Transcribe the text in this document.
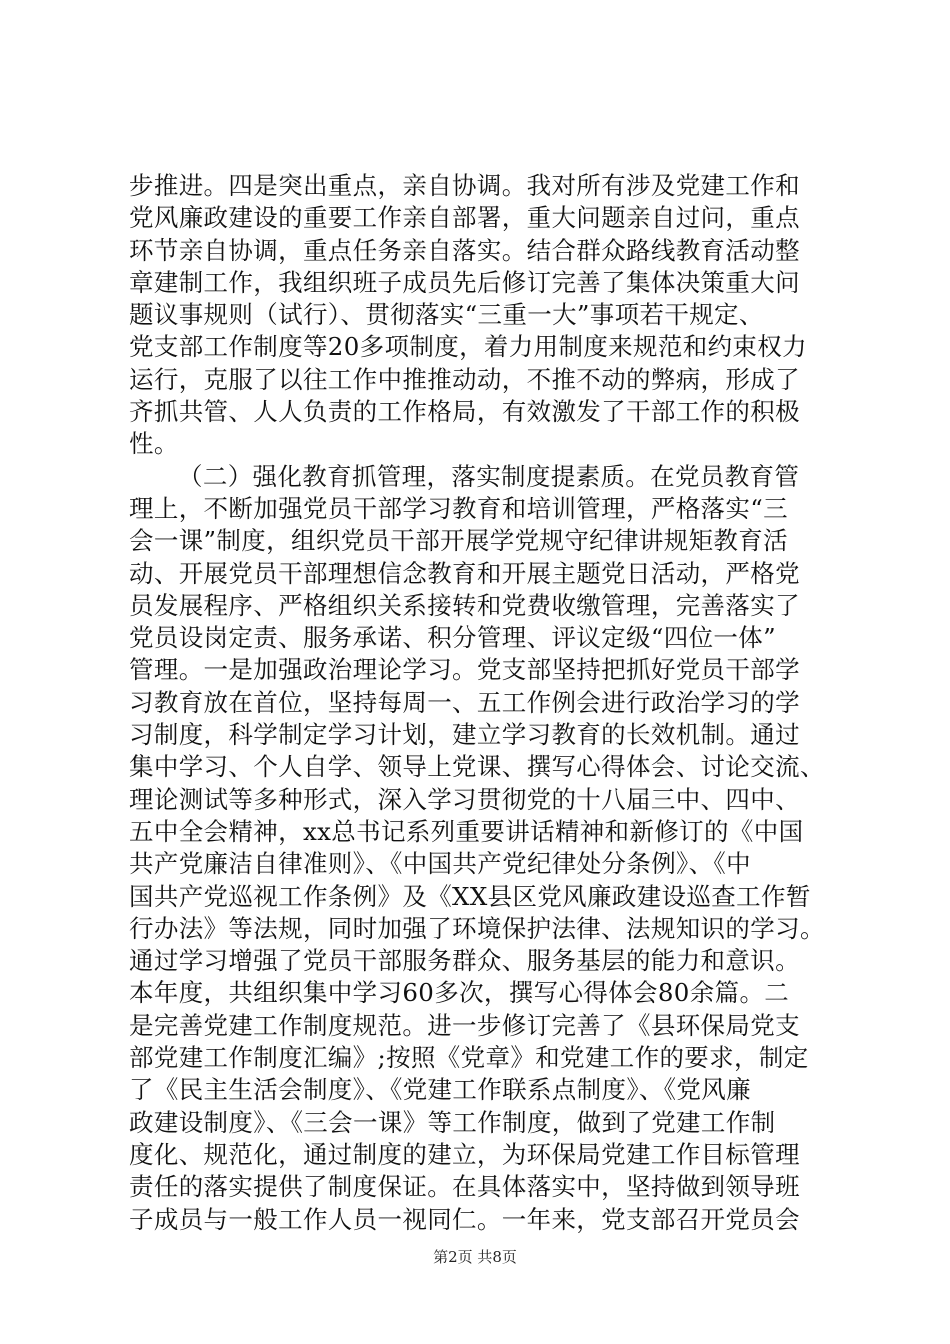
步推进。四是突出重点，亲自协调。我对所有涉及党建工作和
党风廉政建设的重要工作亲自部署，重大问题亲自过问，重点
环节亲自协调，重点任务亲自落实。结合群众路线教育活动整
章建制工作，我组织班子成员先后修订完善了集体决策重大问
题议事规则（试行）、贯彻落实“三重一大”事项若干规定、
党支部工作制度等20多项制度，着力用制度来规范和约束权力
运行，克服了以往工作中推推动动，不推不动的弊病，形成了
齐抓共管、人人负责的工作格局，有效激发了干部工作的积极
性。
（二）强化教育抓管理，落实制度提素质。在党员教育管
理上，不断加强党员干部学习教育和培训管理，严格落实“三
会一课”制度，组织党员干部开展学党规守纪律讲规矩教育活
动、开展党员干部理想信念教育和开展主题党日活动，严格党
员发展程序、严格组织关系接转和党费收缴管理，完善落实了
党员设岗定责、服务承诺、积分管理、评议定级“四位一体”
管理。一是加强政治理论学习。党支部坚持把抓好党员干部学
习教育放在首位，坚持每周一、五工作例会进行政治学习的学
习制度，科学制定学习计划，建立学习教育的长效机制。通过
集中学习、个人自学、领导上党课、撰写心得体会、讨论交流、
理论测试等多种形式，深入学习贯彻党的十八届三中、四中、
五中全会精神，xx总书记系列重要讲话精神和新修订的《中国
共产党廉洁自律准则》、《中国共产党纪律处分条例》、《中
国共产党巡视工作条例》及《XX县区党风廉政建设巡查工作暂
行办法》等法规，同时加强了环境保护法律、法规知识的学习。
通过学习增强了党员干部服务群众、服务基层的能力和意识。
本年度，共组织集中学习60多次，撰写心得体会80余篇。二
是完善党建工作制度规范。进一步修订完善了《县环保局党支
部党建工作制度汇编》;按照《党章》和党建工作的要求，制定
了《民主生活会制度》、《党建工作联系点制度》、《党风廉
政建设制度》、《三会一课》等工作制度，做到了党建工作制
度化、规范化，通过制度的建立，为环保局党建工作目标管理
责任的落实提供了制度保证。在具体落实中，坚持做到领导班
子成员与一般工作人员一视同仁。一年来，党支部召开党员会
第2页 共8页
